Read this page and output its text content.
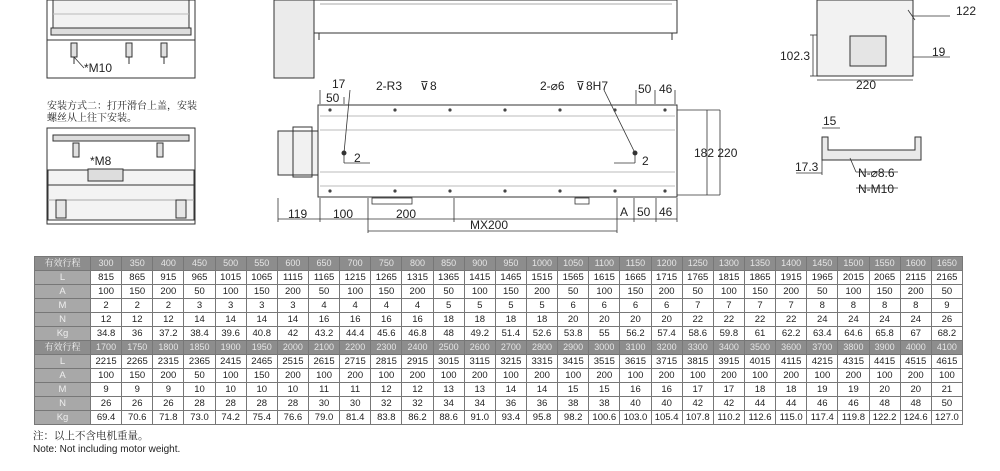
*M10
安装方式二：打开滑台上盖，安装
螺丝从上往下安装。
*M8
17
50
2-R3 ⊽ 8	2-⌀6 ⊽ 8H7 50 46
2	2
182 220
119 100	200	A 50 46
MX200
122
102.3	19
220
15
17.3	N-⌀8.6
N-M10
有效行程	300	350	400	450	500	550	600	650	700	750	800	850	900	950	1000	1050	1100	1150	1200	1250	1300	1350	1400	1450	1500	1550	1600	1650
L	815	865	915	965	1015	1065	1115	1165	1215	1265	1315	1365	1415	1465	1515	1565	1615	1665	1715	1765	1815	1865	1915	1965	2015	2065	2115	2165
A	100	150	200	50	100	150	200	50	100	150	200	50	100	150	200	50	100	150	200	50	100	150	200	50	100	150	200	50
M	2	2	2	3	3	3	3	4	4	4	4	5	5	5	5	6	6	6	6	7	7	7	7	8	8	8	8	9
N	12	12	12	14	14	14	14	16	16	16	16	18	18	18	18	20	20	20	20	22	22	22	22	24	24	24	24	26
Kg	34.8	36	37.2	38.4	39.6	40.8	42	43.2	44.4	45.6	46.8	48	49.2	51.4	52.6	53.8	55	56.2	57.4	58.6	59.8	61	62.2	63.4	64.6	65.8	67	68.2
有效行程	1700	1750	1800	1850	1900	1950	2000	2100	2200	2300	2400	2500	2600	2700	2800	2900	3000	3100	3200	3300	3400	3500	3600	3700	3800	3900	4000	4100
L	2215	2265	2315	2365	2415	2465	2515	2615	2715	2815	2915	3015	3115	3215	3315	3415	3515	3615	3715	3815	3915	4015	4115	4215	4315	4415	4515	4615
A	100	150	200	50	100	150	200	100	200	100	200	100	200	100	200	100	200	100	200	100	200	100	200	100	200	100	200	100
M	9	9	9	10	10	10	10	11	11	12	12	13	13	14	14	15	15	16	16	17	17	18	18	19	19	20	20	21
N	26	26	26	28	28	28	28	30	30	32	32	34	34	36	36	38	38	40	40	42	42	44	44	46	46	48	48	50
Kg	69.4	70.6	71.8	73.0	74.2	75.4	76.6	79.0	81.4	83.8	86.2	88.6	91.0	93.4	95.8	98.2	100.6	103.0	105.4	107.8	110.2	112.6	115.0	117.4	119.8	122.2	124.6	127.0
注：以上不含电机重量。
Note: Not including motor weight.
